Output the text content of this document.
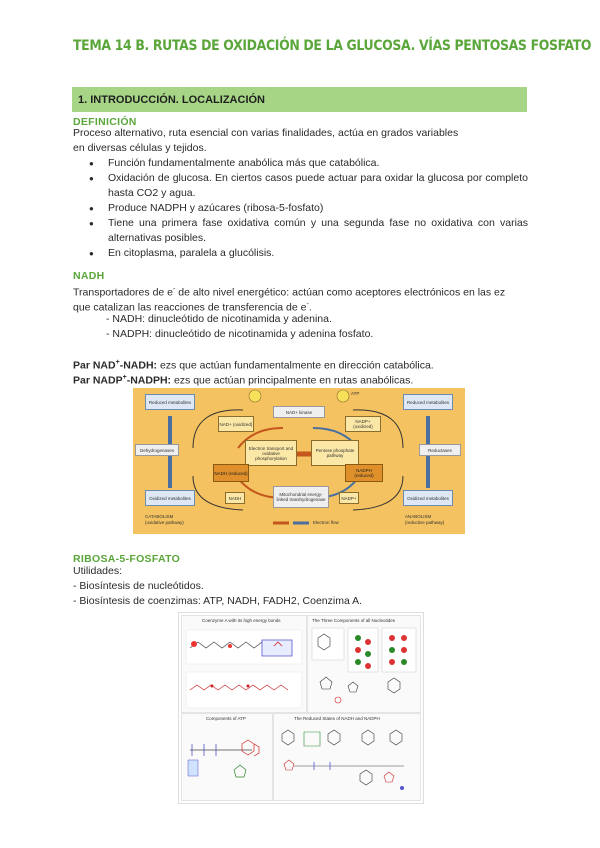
TEMA 14 B. RUTAS DE OXIDACIÓN DE LA GLUCOSA. VÍAS PENTOSAS FOSFATO
1. INTRODUCCIÓN. LOCALIZACIÓN
DEFINICIÓN
Proceso alternativo, ruta esencial con varias finalidades, actúa en grados variables
en diversas células y tejidos.
● Función fundamentalmente anabólica más que catabólica.
● Oxidación de glucosa. En ciertos casos puede actuar para oxidar la glucosa por completo hasta CO2 y agua.
● Produce NADPH y azúcares (ribosa-5-fosfato)
● Tiene una primera fase oxidativa común y una segunda fase no oxidativa con varias alternativas posibles.
● En citoplasma, paralela a glucólisis.
NADH
Transportadores de e- de alto nivel energético: actúan como aceptores electrónicos en las ez
que catalizan las reacciones de transferencia de e-.
- NADH: dinucleótido de nicotinamida y adenina.
- NADPH: dinucleótido de nicotinamida y adenina fosfato.
Par NAD+-NADH: ezs que actúan fundamentalmente en dirección catabólica.
Par NADP+-NADPH: ezs que actúan principalmente en rutas anabólicas.
Reduced metabolites	Reduced metabolites
ATP
NAD+ kinase
NAD+ (oxidized)	NADP+ (oxidized)
Electron transport and oxidative phosphorylation
Pentose phosphate pathway
Dehydrogenases	Reductases
NADH (reduced)	NADPH (reduced)
NADH
Mitochondrial energy-linked transhydrogenase	NADP+
Oxidized metabolites	Oxidized metabolites
CATABOLISM
(oxidative pathway)
ANABOLISM
(reductive pathway)
Electron flow
RIBOSA-5-FOSFATO
Utilidades:
- Biosíntesis de nucleótidos.
- Biosíntesis de coenzimas: ATP, NADH, FADH2, Coenzima A.
Coenzyme A with its high energy bonds	The Three Components of all Nucleotides
Components of ATP	The Reduced States of NADH and NADPH
